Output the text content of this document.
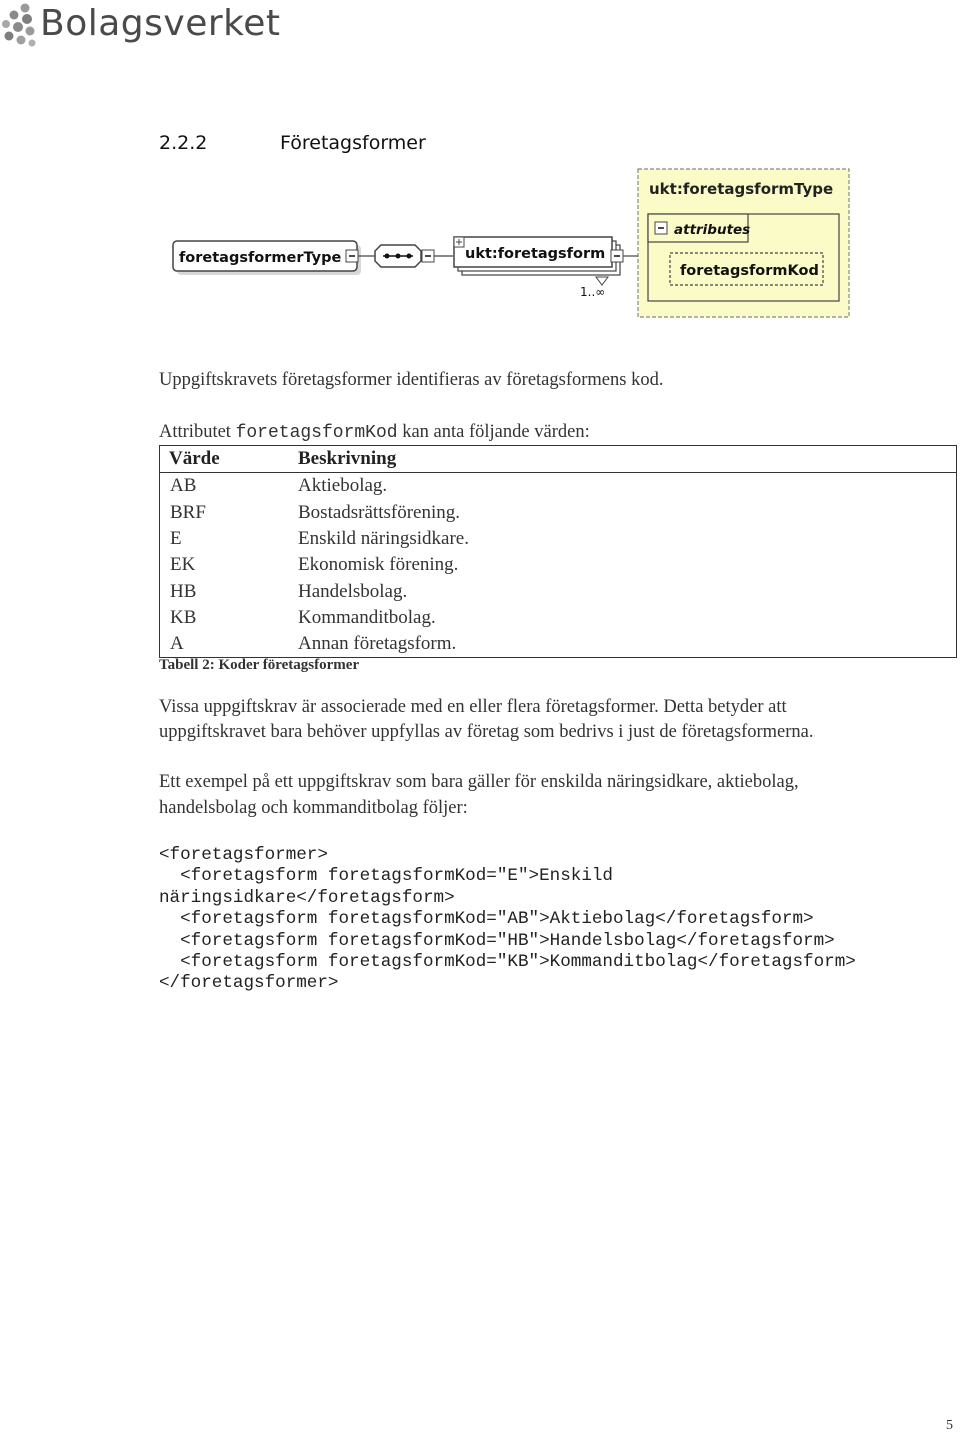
Bolagsverket
2.2.2	Företagsformer
ukt:foretagsformType
attributes
foretagsformKod
foretagsformerType	ukt:foretagsform
1..∞
Uppgiftskravets företagsformer identifieras av företagsformens kod.
Attributet foretagsformKod kan anta följande värden:
Värde	Beskrivning
AB	Aktiebolag.
BRF	Bostadsrättsförening.
E	Enskild näringsidkare.
EK	Ekonomisk förening.
HB	Handelsbolag.
KB	Kommanditbolag.
A	Annan företagsform.
Tabell 2: Koder företagsformer
Vissa uppgiftskrav är associerade med en eller flera företagsformer. Detta betyder att
uppgiftskravet bara behöver uppfyllas av företag som bedrivs i just de företagsformerna.
Ett exempel på ett uppgiftskrav som bara gäller för enskilda näringsidkare, aktiebolag,
handelsbolag och kommanditbolag följer:
<foretagsformer>
<foretagsform foretagsformKod="E">Enskild
näringsidkare</foretagsform>
<foretagsform foretagsformKod="AB">Aktiebolag</foretagsform>
<foretagsform foretagsformKod="HB">Handelsbolag</foretagsform>
<foretagsform foretagsformKod="KB">Kommanditbolag</foretagsform>
</foretagsformer>
5
